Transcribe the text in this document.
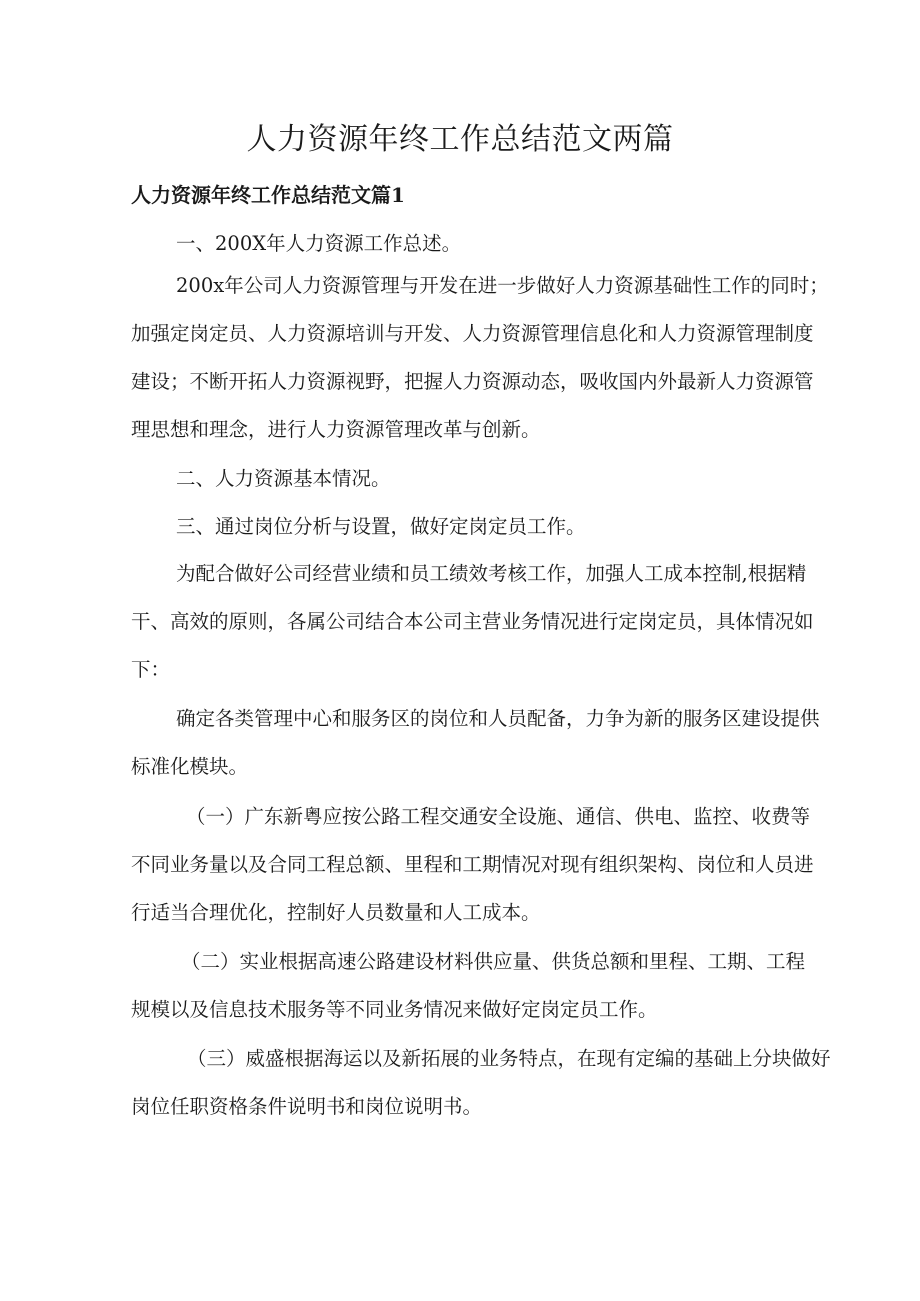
人力资源年终工作总结范文两篇
人力资源年终工作总结范文篇1
一、200X年人力资源工作总述。
200x年公司人力资源管理与开发在进一步做好人力资源基础性工作的同时；
加强定岗定员、人力资源培训与开发、人力资源管理信息化和人力资源管理制度
建设；不断开拓人力资源视野，把握人力资源动态，吸收国内外最新人力资源管
理思想和理念，进行人力资源管理改革与创新。
二、人力资源基本情况。
三、通过岗位分析与设置，做好定岗定员工作。
为配合做好公司经营业绩和员工绩效考核工作，加强人工成本控制,根据精
干、高效的原则，各属公司结合本公司主营业务情况进行定岗定员，具体情况如
下：
确定各类管理中心和服务区的岗位和人员配备，力争为新的服务区建设提供
标准化模块。
（一）广东新粤应按公路工程交通安全设施、通信、供电、监控、收费等
不同业务量以及合同工程总额、里程和工期情况对现有组织架构、岗位和人员进
行适当合理优化，控制好人员数量和人工成本。
（二）实业根据高速公路建设材料供应量、供货总额和里程、工期、工程
规模以及信息技术服务等不同业务情况来做好定岗定员工作。
（三）威盛根据海运以及新拓展的业务特点，在现有定编的基础上分块做好
岗位任职资格条件说明书和岗位说明书。
